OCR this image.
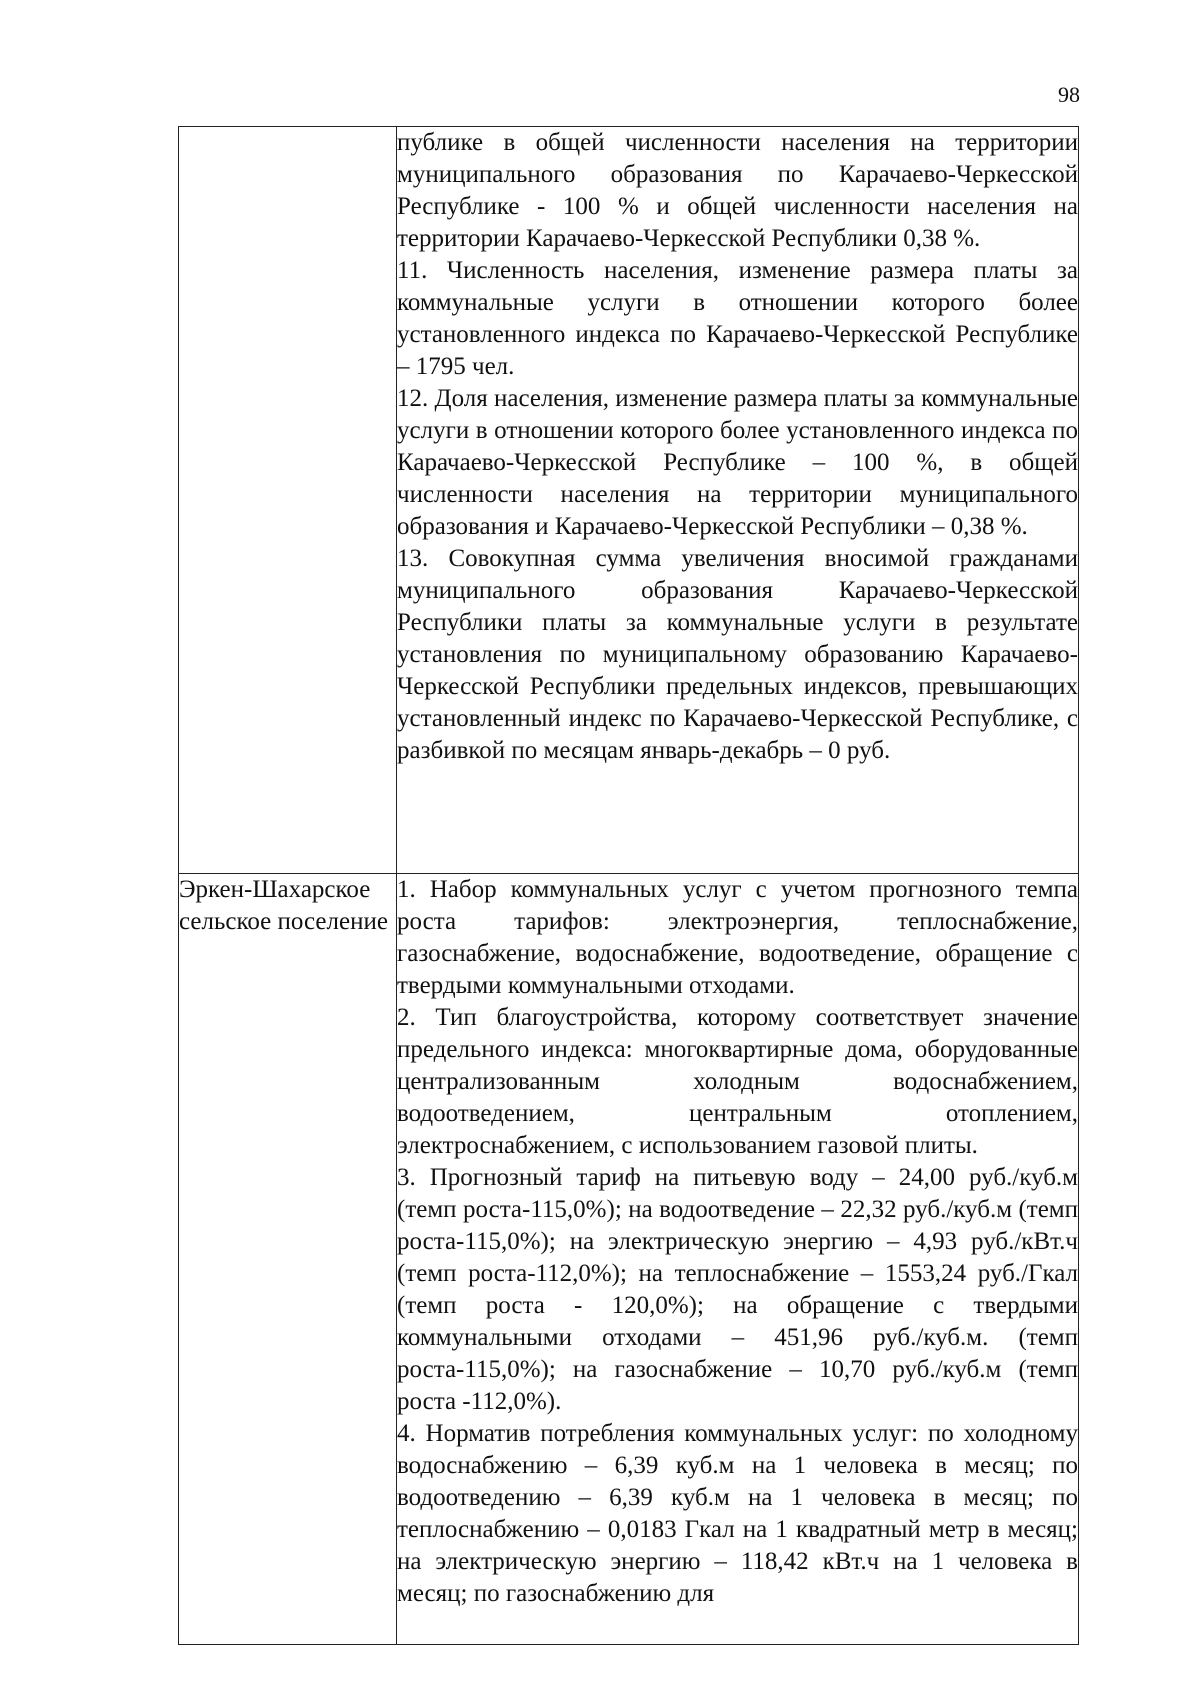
98

	публике в общей численности населения на территории муниципального образования по Карачаево-Черкесской Республике - 100 % и общей численности населения на территории Карачаево-Черкесской Республики 0,38 %.

11. Численность населения, изменение размера платы за коммунальные услуги в отношении которого более установленного индекса по Карачаево-Черкесской Республике – 1795 чел.

12. Доля населения, изменение размера платы за коммунальные услуги в отношении которого более установленного индекса по Карачаево-Черкесской Республике – 100 %, в общей численности населения на территории муниципального образования и Карачаево-Черкесской Республики – 0,38 %.

13. Совокупная сумма увеличения вносимой гражданами муниципального образования Карачаево-Черкесской Республики платы за коммунальные услуги в результате установления по муниципальному образованию Карачаево-Черкесской Республики предельных индексов, превышающих установленный индекс по Карачаево-Черкесской Республике, с разбивкой по месяцам январь-декабрь – 0 руб.

Эркен-Шахарское сельское поселение	1. Набор коммунальных услуг с учетом прогнозного темпа роста тарифов: электроэнергия, теплоснабжение, газоснабжение, водоснабжение, водоотведение, обращение с твердыми коммунальными отходами.

2. Тип благоустройства, которому соответствует значение предельного индекса: многоквартирные дома, оборудованные централизованным холодным водоснабжением, водоотведением, центральным отоплением, электроснабжением, с использованием газовой плиты.

3. Прогнозный тариф на питьевую воду – 24,00 руб./куб.м (темп роста-115,0%); на водоотведение – 22,32 руб./куб.м (темп роста-115,0%); на электрическую энергию – 4,93 руб./кВт.ч (темп роста-112,0%); на теплоснабжение – 1553,24 руб./Гкал (темп роста - 120,0%); на обращение с твердыми коммунальными отходами – 451,96 руб./куб.м. (темп роста-115,0%); на газоснабжение – 10,70 руб./куб.м (темп роста -112,0%).

4. Норматив потребления коммунальных услуг: по холодному водоснабжению – 6,39 куб.м на 1 человека в месяц; по водоотведению – 6,39 куб.м на 1 человека в месяц; по теплоснабжению – 0,0183 Гкал на 1 квадратный метр в месяц; на электрическую энергию – 118,42 кВт.ч на 1 человека в месяц; по газоснабжению для
